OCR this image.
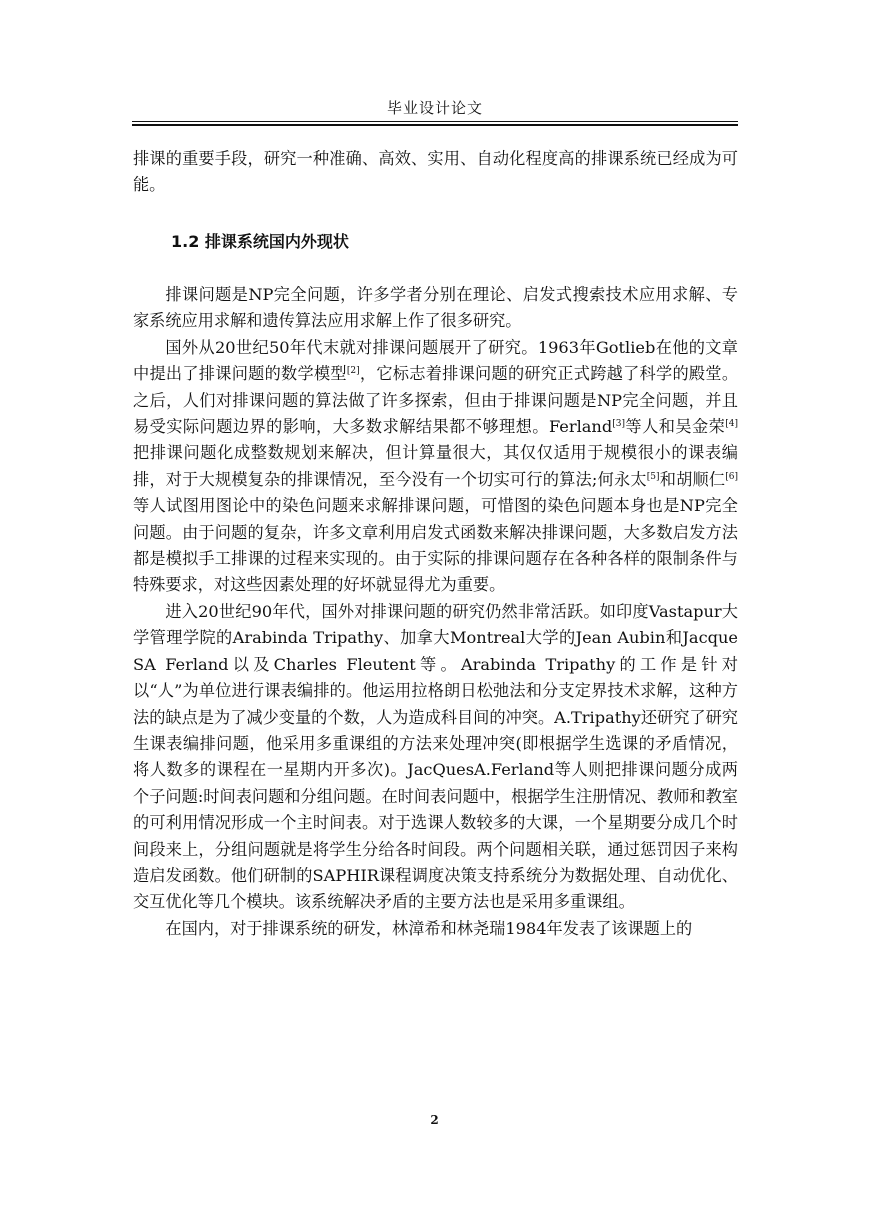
毕业设计论文
排课的重要手段，研究一种准确、高效、实用、自动化程度高的排课系统已经成为可能。
1.2 排课系统国内外现状

排课问题是NP完全问题，许多学者分别在理论、启发式搜索技术应用求解、专家系统应用求解和遗传算法应用求解上作了很多研究。

国外从20世纪50年代末就对排课问题展开了研究。1963年Gotlieb在他的文章中提出了排课问题的数学模型[2]，它标志着排课问题的研究正式跨越了科学的殿堂。之后，人们对排课问题的算法做了许多探索，但由于排课问题是NP完全问题，并且易受实际问题边界的影响，大多数求解结果都不够理想。Ferland[3]等人和吴金荣[4]把排课问题化成整数规划来解决，但计算量很大，其仅仅适用于规模很小的课表编排，对于大规模复杂的排课情况，至今没有一个切实可行的算法;何永太[5]和胡顺仁[6]等人试图用图论中的染色问题来求解排课问题，可惜图的染色问题本身也是NP完全问题。由于问题的复杂，许多文章利用启发式函数来解决排课问题，大多数启发方法都是模拟手工排课的过程来实现的。由于实际的排课问题存在各种各样的限制条件与特殊要求，对这些因素处理的好坏就显得尤为重要。

进入20世纪90年代，国外对排课问题的研究仍然非常活跃。如印度Vastapur大学管理学院的Arabinda Tripathy、加拿大Montreal大学的Jean Aubin和JacqueSA Ferland以及Charles Fleutent等。Arabinda Tripathy的工作是针对以“人”为单位进行课表编排的。他运用拉格朗日松弛法和分支定界技术求解，这种方法的缺点是为了减少变量的个数，人为造成科目间的冲突。A.Tripathy还研究了研究生课表编排问题，他采用多重课组的方法来处理冲突(即根据学生选课的矛盾情况，将人数多的课程在一星期内开多次)。JacQuesA.Ferland等人则把排课问题分成两个子问题:时间表问题和分组问题。在时间表问题中，根据学生注册情况、教师和教室的可利用情况形成一个主时间表。对于选课人数较多的大课，一个星期要分成几个时间段来上，分组问题就是将学生分给各时间段。两个问题相关联，通过惩罚因子来构造启发函数。他们研制的SAPHIR课程调度决策支持系统分为数据处理、自动优化、交互优化等几个模块。该系统解决矛盾的主要方法也是采用多重课组。

在国内，对于排课系统的研发，林漳希和林尧瑞1984年发表了该课题上的

2
